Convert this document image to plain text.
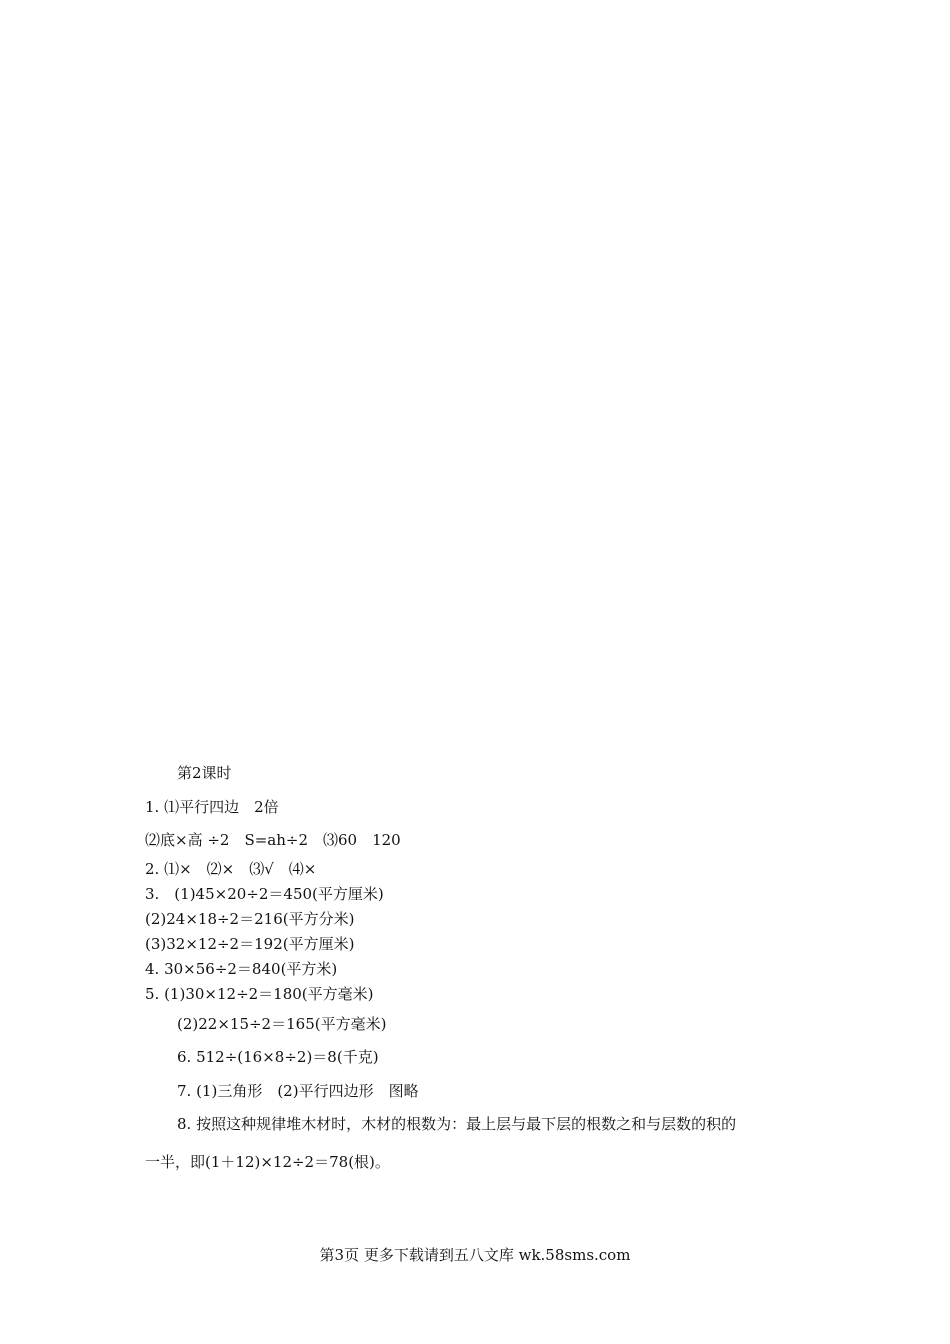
第2课时
1. ⑴平行四边　2倍
⑵底×高 ÷2　S=ah÷2　⑶60　120
2. ⑴×　⑵×　⑶√　⑷×
3.　(1)45×20÷2＝450(平方厘米)
(2)24×18÷2＝216(平方分米)
(3)32×12÷2＝192(平方厘米)
4. 30×56÷2＝840(平方米)
5. (1)30×12÷2＝180(平方毫米)
(2)22×15÷2＝165(平方毫米)
6. 512÷(16×8÷2)＝8(千克)
7. (1)三角形　(2)平行四边形　图略
8. 按照这种规律堆木材时，木材的根数为：最上层与最下层的根数之和与层数的积的
一半，即(1＋12)×12÷2＝78(根)。
第3页 更多下载请到五八文库 wk.58sms.com
